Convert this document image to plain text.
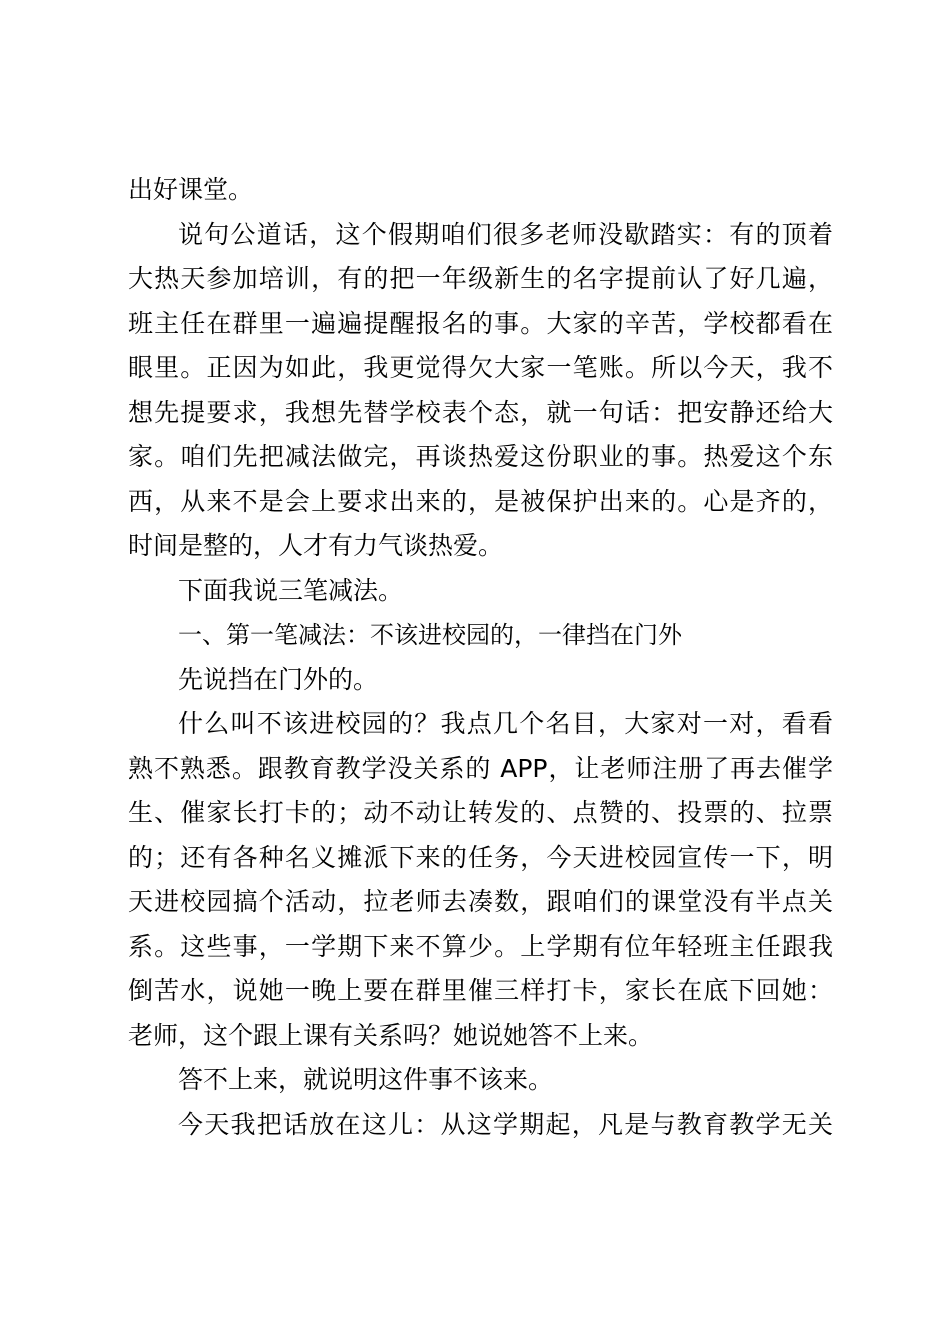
出好课堂。
说句公道话，这个假期咱们很多老师没歇踏实：有的顶着
大热天参加培训，有的把一年级新生的名字提前认了好几遍，
班主任在群里一遍遍提醒报名的事。大家的辛苦，学校都看在
眼里。正因为如此，我更觉得欠大家一笔账。所以今天，我不
想先提要求，我想先替学校表个态，就一句话：把安静还给大
家。咱们先把减法做完，再谈热爱这份职业的事。热爱这个东
西，从来不是会上要求出来的，是被保护出来的。心是齐的，
时间是整的，人才有力气谈热爱。
下面我说三笔减法。
一、第一笔减法：不该进校园的，一律挡在门外
先说挡在门外的。
什么叫不该进校园的？我点几个名目，大家对一对，看看
熟不熟悉。跟教育教学没关系的 APP，让老师注册了再去催学
生、催家长打卡的；动不动让转发的、点赞的、投票的、拉票
的；还有各种名义摊派下来的任务，今天进校园宣传一下，明
天进校园搞个活动，拉老师去凑数，跟咱们的课堂没有半点关
系。这些事，一学期下来不算少。上学期有位年轻班主任跟我
倒苦水，说她一晚上要在群里催三样打卡，家长在底下回她：
老师，这个跟上课有关系吗？她说她答不上来。
答不上来，就说明这件事不该来。
今天我把话放在这儿：从这学期起，凡是与教育教学无关
